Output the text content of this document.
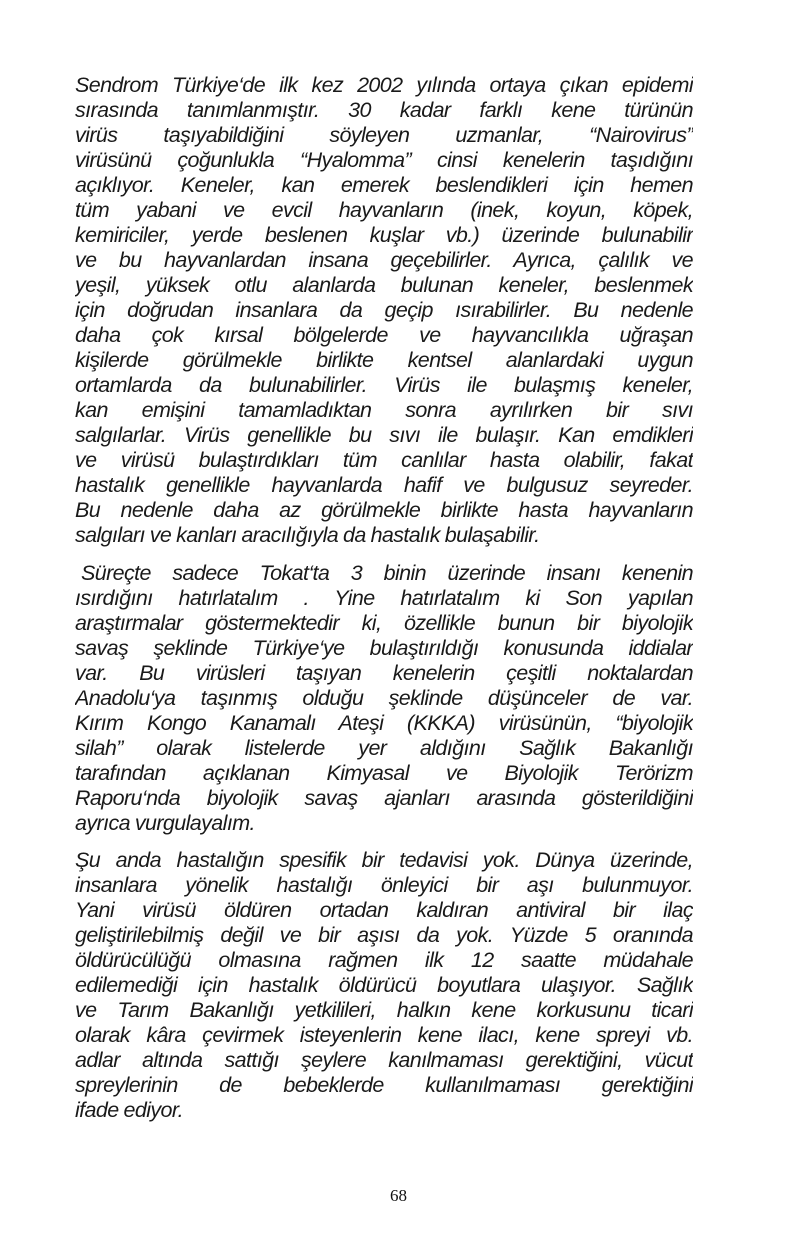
Sendrom Türkiye‘de ilk kez 2002 yılında ortaya çıkan epidemi
sırasında tanımlanmıştır. 30 kadar farklı kene türünün
virüs taşıyabildiğini söyleyen uzmanlar, “Nairovirus”
virüsünü çoğunlukla “Hyalomma” cinsi kenelerin taşıdığını
açıklıyor. Keneler, kan emerek beslendikleri için hemen
tüm yabani ve evcil hayvanların (inek, koyun, köpek,
kemiriciler, yerde beslenen kuşlar vb.) üzerinde bulunabilir
ve bu hayvanlardan insana geçebilirler. Ayrıca, çalılık ve
yeşil, yüksek otlu alanlarda bulunan keneler, beslenmek
için doğrudan insanlara da geçip ısırabilirler. Bu nedenle
daha çok kırsal bölgelerde ve hayvancılıkla uğraşan
kişilerde görülmekle birlikte kentsel alanlardaki uygun
ortamlarda da bulunabilirler. Virüs ile bulaşmış keneler,
kan emişini tamamladıktan sonra ayrılırken bir sıvı
salgılarlar. Virüs genellikle bu sıvı ile bulaşır. Kan emdikleri
ve virüsü bulaştırdıkları tüm canlılar hasta olabilir, fakat
hastalık genellikle hayvanlarda hafif ve bulgusuz seyreder.
Bu nedenle daha az görülmekle birlikte hasta hayvanların
salgıları ve kanları aracılığıyla da hastalık bulaşabilir.
Süreçte sadece Tokat‘ta 3 binin üzerinde insanı kenenin
ısırdığını hatırlatalım . Yine hatırlatalım ki Son yapılan
araştırmalar göstermektedir ki, özellikle bunun bir biyolojik
savaş şeklinde Türkiye‘ye bulaştırıldığı konusunda iddialar
var. Bu virüsleri taşıyan kenelerin çeşitli noktalardan
Anadolu‘ya taşınmış olduğu şeklinde düşünceler de var.
Kırım Kongo Kanamalı Ateşi (KKKA) virüsünün, “biyolojik
silah” olarak listelerde yer aldığını Sağlık Bakanlığı
tarafından açıklanan Kimyasal ve Biyolojik Terörizm
Raporu‘nda biyolojik savaş ajanları arasında gösterildiğini
ayrıca vurgulayalım.
Şu anda hastalığın spesifik bir tedavisi yok. Dünya üzerinde,
insanlara yönelik hastalığı önleyici bir aşı bulunmuyor.
Yani virüsü öldüren ortadan kaldıran antiviral bir ilaç
geliştirilebilmiş değil ve bir aşısı da yok. Yüzde 5 oranında
öldürücülüğü olmasına rağmen ilk 12 saatte müdahale
edilemediği için hastalık öldürücü boyutlara ulaşıyor. Sağlık
ve Tarım Bakanlığı yetkilileri, halkın kene korkusunu ticari
olarak kâra çevirmek isteyenlerin kene ilacı, kene spreyi vb.
adlar altında sattığı şeylere kanılmaması gerektiğini, vücut
spreylerinin de bebeklerde kullanılmaması gerektiğini
ifade ediyor.
68
